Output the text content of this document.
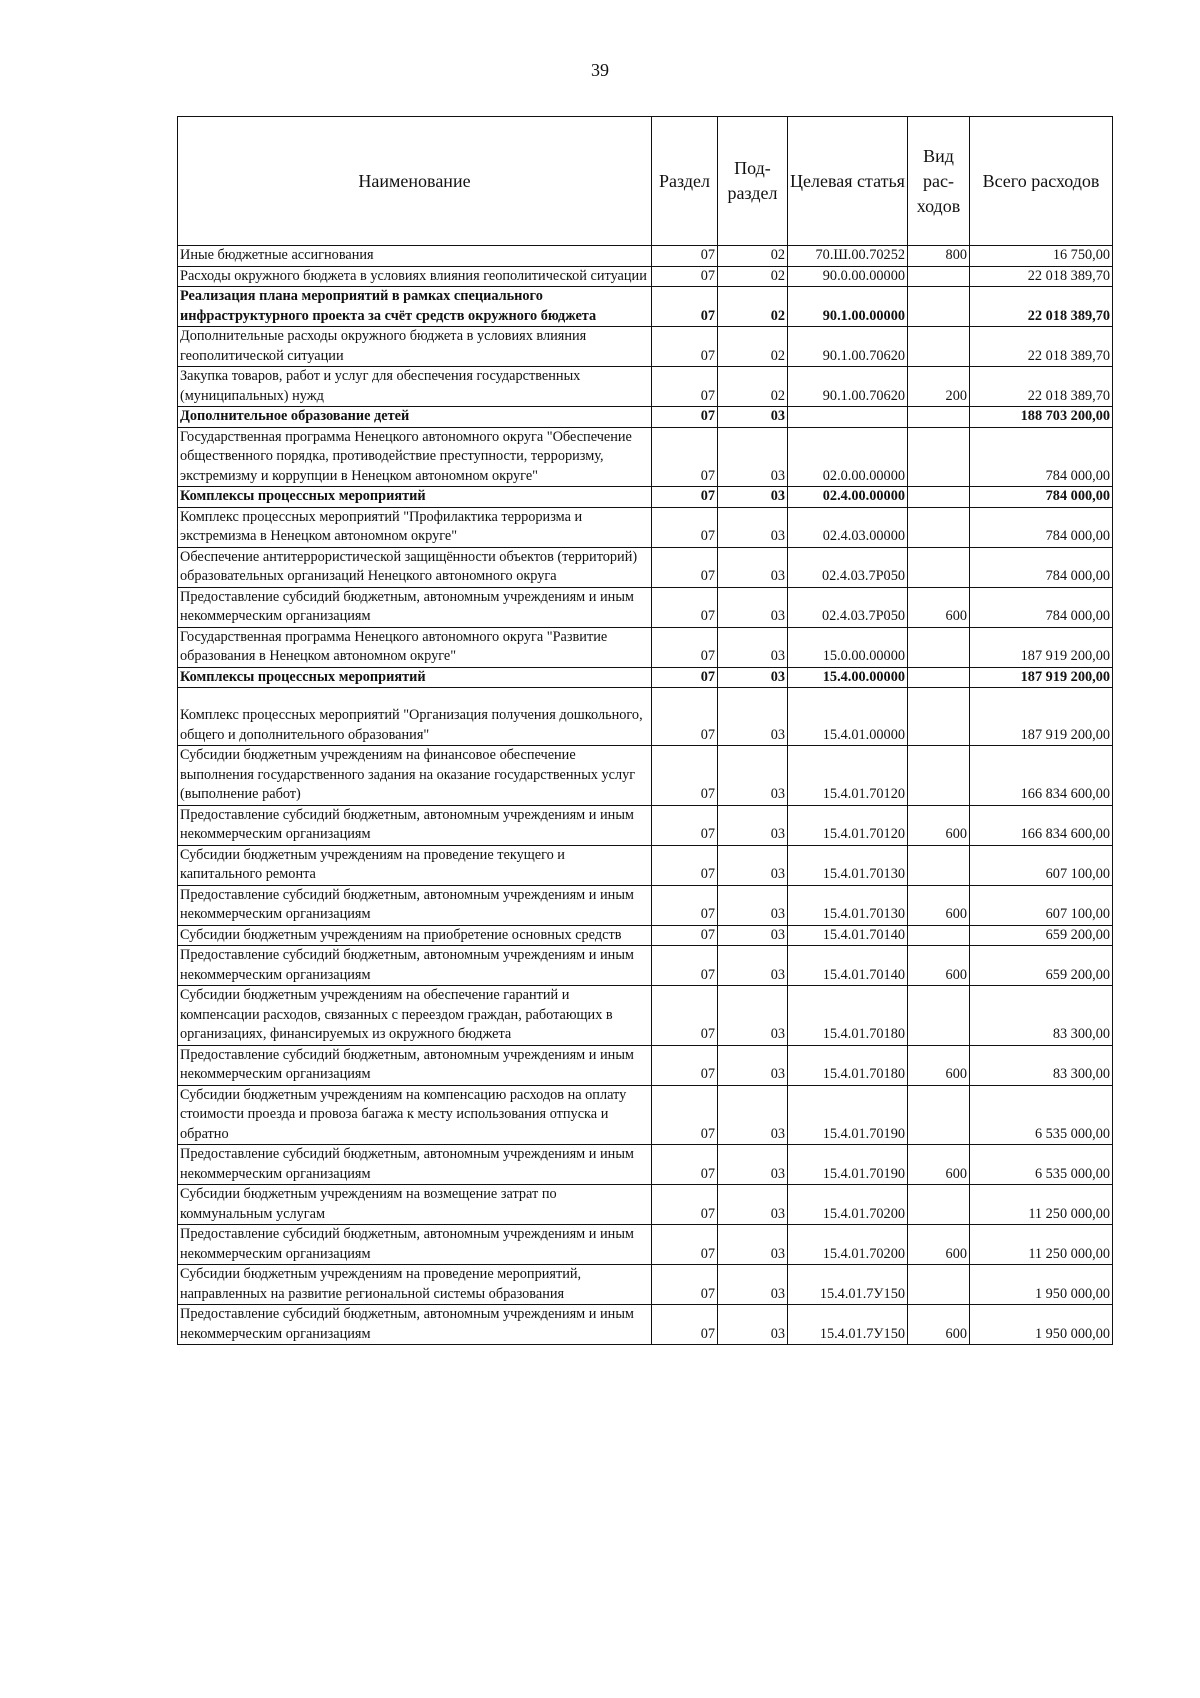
39
Наименование	Раздел	Под-раздел	Целевая статья	Вид рас-ходов	Всего расходов
Иные бюджетные ассигнования	07	02	70.Ш.00.70252	800	16 750,00
Расходы окружного бюджета в условиях влияния геополитической ситуации	07	02	90.0.00.00000		22 018 389,70
Реализация плана мероприятий в рамках специального инфраструктурного проекта за счёт средств окружного бюджета	07	02	90.1.00.00000		22 018 389,70
Дополнительные расходы окружного бюджета в условиях влияния геополитической ситуации	07	02	90.1.00.70620		22 018 389,70
Закупка товаров, работ и услуг для обеспечения государственных (муниципальных) нужд	07	02	90.1.00.70620	200	22 018 389,70
Дополнительное образование детей	07	03			188 703 200,00
Государственная программа Ненецкого автономного округа "Обеспечение общественного порядка, противодействие преступности, терроризму, экстремизму и коррупции в Ненецком автономном округе"	07	03	02.0.00.00000		784 000,00
Комплексы процессных мероприятий	07	03	02.4.00.00000		784 000,00
Комплекс процессных мероприятий "Профилактика терроризма и экстремизма в Ненецком автономном округе"	07	03	02.4.03.00000		784 000,00
Обеспечение антитеррористической защищённости объектов (территорий) образовательных организаций Ненецкого автономного округа	07	03	02.4.03.7Р050		784 000,00
Предоставление субсидий бюджетным, автономным учреждениям и иным некоммерческим организациям	07	03	02.4.03.7Р050	600	784 000,00
Государственная программа Ненецкого автономного округа "Развитие образования в Ненецком автономном округе"	07	03	15.0.00.00000		187 919 200,00
Комплексы процессных мероприятий	07	03	15.4.00.00000		187 919 200,00
Комплекс процессных мероприятий "Организация получения дошкольного, общего и дополнительного образования"	07	03	15.4.01.00000		187 919 200,00
Субсидии бюджетным учреждениям на финансовое обеспечение выполнения государственного задания на оказание государственных услуг (выполнение работ)	07	03	15.4.01.70120		166 834 600,00
Предоставление субсидий бюджетным, автономным учреждениям и иным некоммерческим организациям	07	03	15.4.01.70120	600	166 834 600,00
Субсидии бюджетным учреждениям на проведение текущего и капитального ремонта	07	03	15.4.01.70130		607 100,00
Предоставление субсидий бюджетным, автономным учреждениям и иным некоммерческим организациям	07	03	15.4.01.70130	600	607 100,00
Субсидии бюджетным учреждениям на приобретение основных средств	07	03	15.4.01.70140		659 200,00
Предоставление субсидий бюджетным, автономным учреждениям и иным некоммерческим организациям	07	03	15.4.01.70140	600	659 200,00
Субсидии бюджетным учреждениям на обеспечение гарантий и компенсации расходов, связанных с переездом граждан, работающих в организациях, финансируемых из окружного бюджета	07	03	15.4.01.70180		83 300,00
Предоставление субсидий бюджетным, автономным учреждениям и иным некоммерческим организациям	07	03	15.4.01.70180	600	83 300,00
Субсидии бюджетным учреждениям на компенсацию расходов на оплату стоимости проезда и провоза багажа к месту использования отпуска и обратно	07	03	15.4.01.70190		6 535 000,00
Предоставление субсидий бюджетным, автономным учреждениям и иным некоммерческим организациям	07	03	15.4.01.70190	600	6 535 000,00
Субсидии бюджетным учреждениям на возмещение затрат по коммунальным услугам	07	03	15.4.01.70200		11 250 000,00
Предоставление субсидий бюджетным, автономным учреждениям и иным некоммерческим организациям	07	03	15.4.01.70200	600	11 250 000,00
Субсидии бюджетным учреждениям на проведение мероприятий, направленных на развитие региональной системы образования	07	03	15.4.01.7У150		1 950 000,00
Предоставление субсидий бюджетным, автономным учреждениям и иным некоммерческим организациям	07	03	15.4.01.7У150	600	1 950 000,00
